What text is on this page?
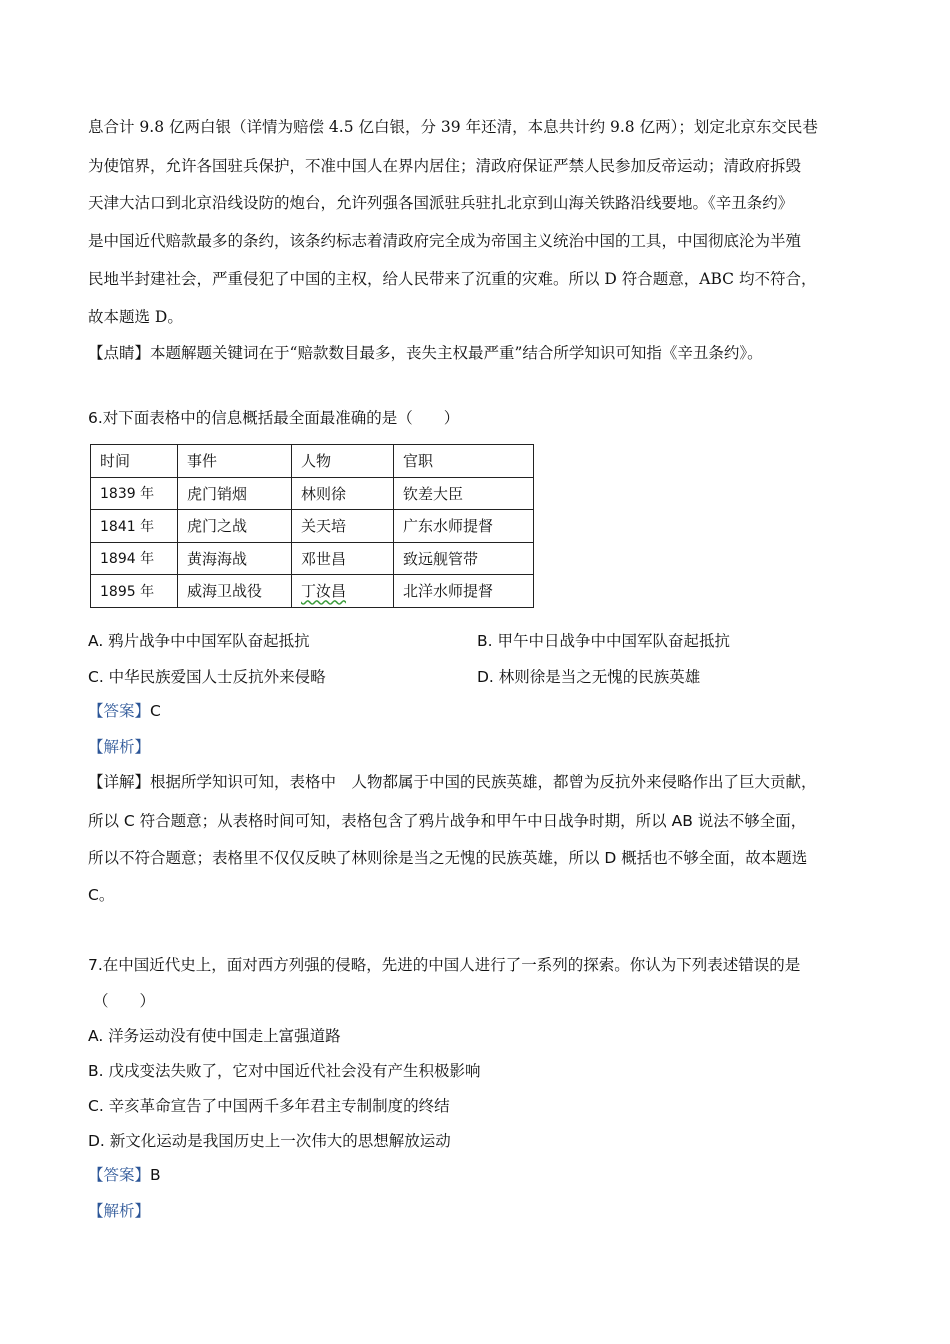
息合计 9.8 亿两白银（详情为赔偿 4.5 亿白银，分 39 年还清，本息共计约 9.8 亿两）；划定北京东交民巷
为使馆界，允许各国驻兵保护，不准中国人在界内居住；清政府保证严禁人民参加反帝运动；清政府拆毁
天津大沽口到北京沿线设防的炮台，允许列强各国派驻兵驻扎北京到山海关铁路沿线要地。《辛丑条约》
是中国近代赔款最多的条约，该条约标志着清政府完全成为帝国主义统治中国的工具，中国彻底沦为半殖
民地半封建社会，严重侵犯了中国的主权，给人民带来了沉重的灾难。所以 D 符合题意，ABC 均不符合，
故本题选 D。
【点睛】本题解题关键词在于“赔款数目最多，丧失主权最严重”结合所学知识可知指《辛丑条约》。
6.对下面表格中的信息概括最全面最准确的是（　　）
时间	事件	人物	官职
1839 年	虎门销烟	林则徐	钦差大臣
1841 年	虎门之战	关天培	广东水师提督
1894 年	黄海海战	邓世昌	致远舰管带
1895 年	威海卫战役	丁汝昌	北洋水师提督
A. 鸦片战争中中国军队奋起抵抗	B. 甲午中日战争中中国军队奋起抵抗
C. 中华民族爱国人士反抗外来侵略	D. 林则徐是当之无愧的民族英雄
【答案】C
【解析】
【详解】根据所学知识可知，表格中　人物都属于中国的民族英雄，都曾为反抗外来侵略作出了巨大贡献，
所以 C 符合题意；从表格时间可知，表格包含了鸦片战争和甲午中日战争时期，所以 AB 说法不够全面，
所以不符合题意；表格里不仅仅反映了林则徐是当之无愧的民族英雄，所以 D 概括也不够全面，故本题选
C。
7.在中国近代史上，面对西方列强的侵略，先进的中国人进行了一系列的探索。你认为下列表述错误的是
（　　）
A. 洋务运动没有使中国走上富强道路
B. 戊戌变法失败了，它对中国近代社会没有产生积极影响
C. 辛亥革命宣告了中国两千多年君主专制制度的终结
D. 新文化运动是我国历史上一次伟大的思想解放运动
【答案】B
【解析】
